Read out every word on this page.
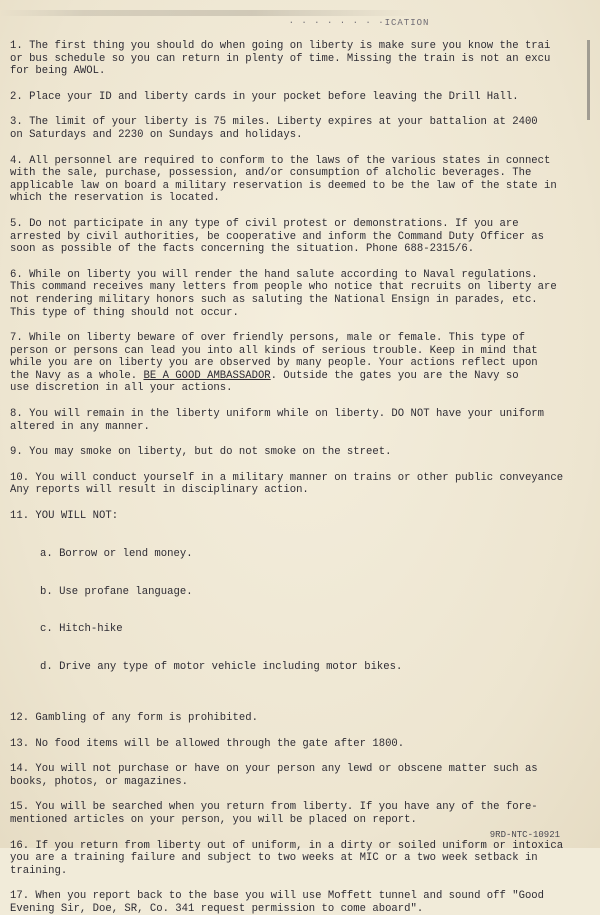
· · · · · · · ·ICATION
1. The first thing you should do when going on liberty is make sure you know the trai
or bus schedule so you can return in plenty of time. Missing the train is not an excu
for being AWOL.
2. Place your ID and liberty cards in your pocket before leaving the Drill Hall.
3. The limit of your liberty is 75 miles. Liberty expires at your battalion at 2400
on Saturdays and 2230 on Sundays and holidays.
4. All personnel are required to conform to the laws of the various states in connect
with the sale, purchase, possession, and/or consumption of alcholic beverages. The
applicable law on board a military reservation is deemed to be the law of the state in
which the reservation is located.
5. Do not participate in any type of civil protest or demonstrations. If you are
arrested by civil authorities, be cooperative and inform the Command Duty Officer as
soon as possible of the facts concerning the situation. Phone 688-2315/6.
6. While on liberty you will render the hand salute according to Naval regulations.
This command receives many letters from people who notice that recruits on liberty are
not rendering military honors such as saluting the National Ensign in parades, etc.
This type of thing should not occur.
7. While on liberty beware of over friendly persons, male or female. This type of
person or persons can lead you into all kinds of serious trouble. Keep in mind that
while you are on liberty you are observed by many people. Your actions reflect upon
the Navy as a whole. BE A GOOD AMBASSADOR. Outside the gates you are the Navy so
use discretion in all your actions.
8. You will remain in the liberty uniform while on liberty. DO NOT have your uniform
altered in any manner.
9. You may smoke on liberty, but do not smoke on the street.
10. You will conduct yourself in a military manner on trains or other public conveyance
Any reports will result in disciplinary action.
11. YOU WILL NOT:

a. Borrow or lend money.

b. Use profane language.

c. Hitch-hike

d. Drive any type of motor vehicle including motor bikes.

12. Gambling of any form is prohibited.
13. No food items will be allowed through the gate after 1800.
14. You will not purchase or have on your person any lewd or obscene matter such as
books, photos, or magazines.
15. You will be searched when you return from liberty. If you have any of the fore-
mentioned articles on your person, you will be placed on report.
16. If you return from liberty out of uniform, in a dirty or soiled uniform or intoxica
you are a training failure and subject to two weeks at MIC or a two week setback in
training.
17. When you report back to the base you will use Moffett tunnel and sound off "Good
Evening Sir, Doe, SR, Co. 341 request permission to come aboard".
9RD-NTC-10921
